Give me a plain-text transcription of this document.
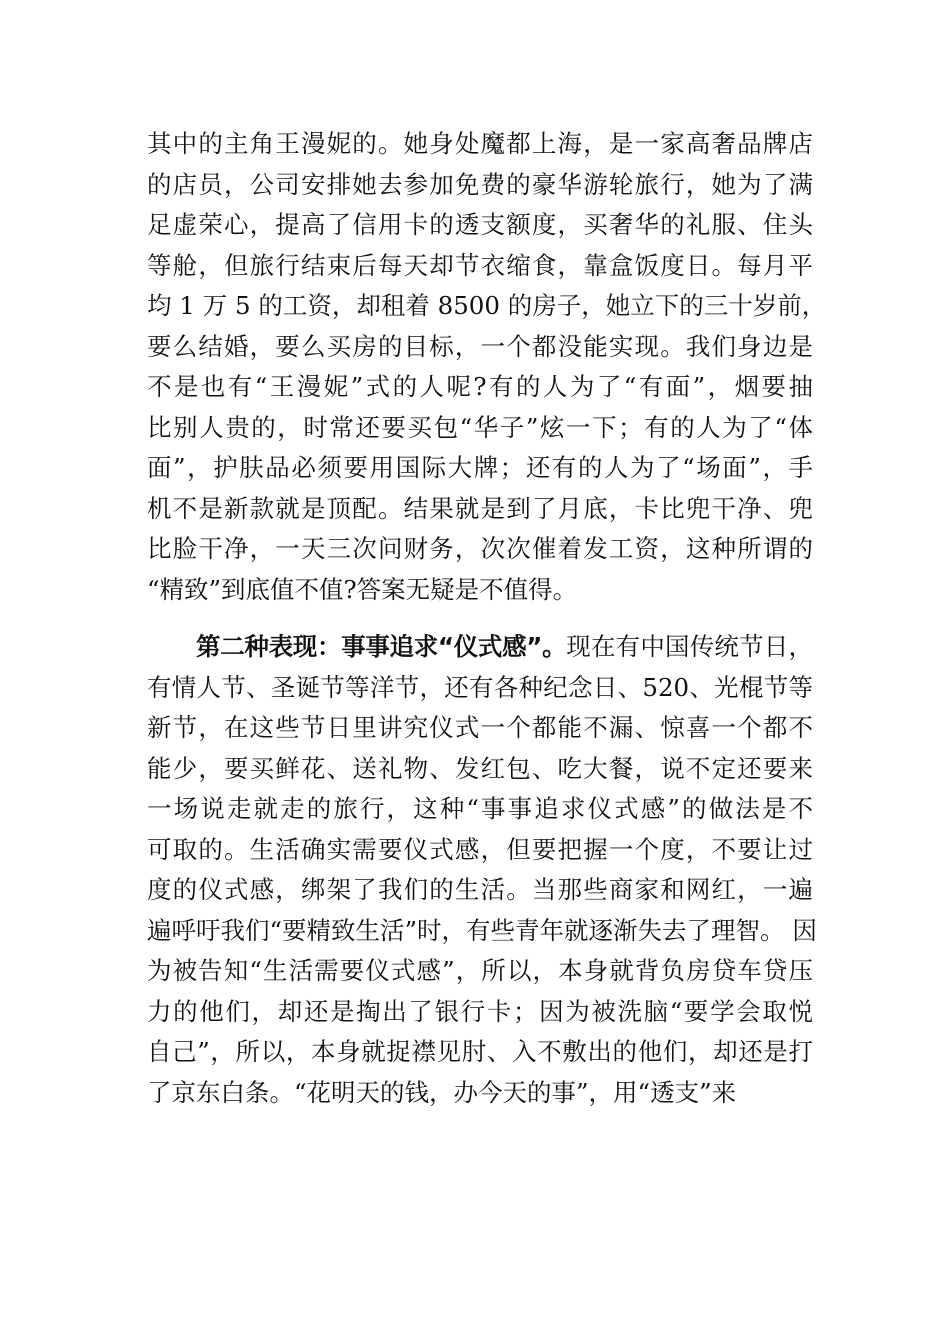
其中的主角王漫妮的。她身处魔都上海，是一家高奢品牌店
的店员，公司安排她去参加免费的豪华游轮旅行，她为了满
足虚荣心，提高了信用卡的透支额度，买奢华的礼服、住头
等舱，但旅行结束后每天却节衣缩食，靠盒饭度日。每月平
均 1 万 5 的工资，却租着 8500 的房子，她立下的三十岁前，
要么结婚，要么买房的目标，一个都没能实现。我们身边是
不是也有“王漫妮”式的人呢?有的人为了“有面”，烟要抽
比别人贵的，时常还要买包“华子”炫一下；有的人为了“体
面”，护肤品必须要用国际大牌；还有的人为了“场面”，手
机不是新款就是顶配。结果就是到了月底，卡比兜干净、兜
比脸干净，一天三次问财务，次次催着发工资，这种所谓的
“精致”到底值不值?答案无疑是不值得。
第二种表现：事事追求“仪式感”。现在有中国传统节日，
有情人节、圣诞节等洋节，还有各种纪念日、520、光棍节等
新节，在这些节日里讲究仪式一个都能不漏、惊喜一个都不
能少，要买鲜花、送礼物、发红包、吃大餐，说不定还要来
一场说走就走的旅行，这种“事事追求仪式感”的做法是不
可取的。生活确实需要仪式感，但要把握一个度，不要让过
度的仪式感，绑架了我们的生活。当那些商家和网红，一遍
遍呼吁我们“要精致生活”时，有些青年就逐渐失去了理智。 因
为被告知“生活需要仪式感”，所以，本身就背负房贷车贷压
力的他们，却还是掏出了银行卡；因为被洗脑“要学会取悦
自己”，所以，本身就捉襟见肘、入不敷出的他们，却还是打
了京东白条。“花明天的钱，办今天的事”，用“透支”来
